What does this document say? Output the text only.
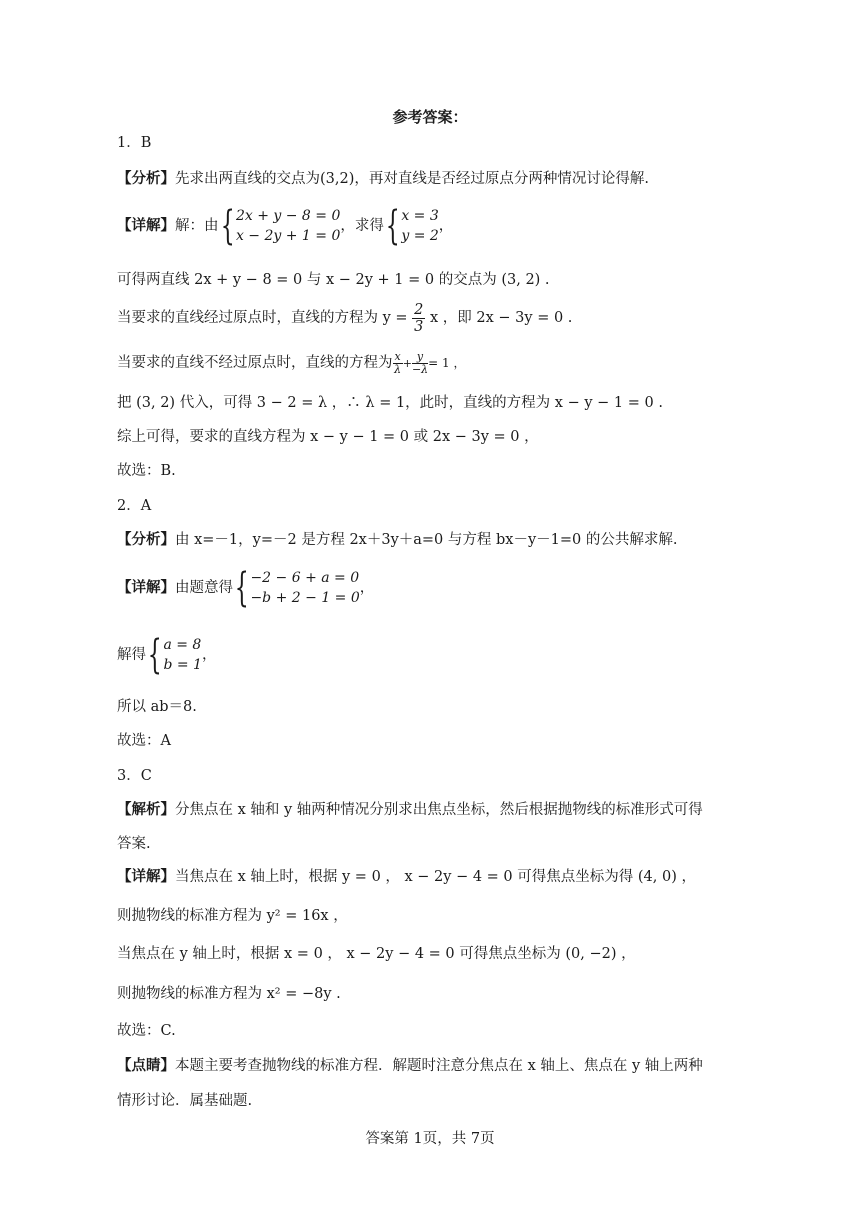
参考答案：
1．B
【分析】先求出两直线的交点为(3,2)，再对直线是否经过原点分两种情况讨论得解.
【详解】解：由{ 2x + y − 8 = 0
x − 2y + 1 = 0
，求得{ x = 3
y = 2
，
可得两直线 2x + y − 8 = 0 与 x − 2y + 1 = 0 的交点为 (3, 2) .
当要求的直线经过原点时，直线的方程为 $y = \frac{2}{3}$ x ，即 2x − 3y = 0 .
当要求的直线不经过原点时，直线的方程为 $\frac{x}{\lambda} + \frac{y}{-\lambda} = 1$ ，
把 (3, 2) 代入，可得 3 − 2 = λ ，∴ λ = 1，此时，直线的方程为 x − y − 1 = 0 .
综上可得，要求的直线方程为 x − y − 1 = 0 或 2x − 3y = 0 ，
故选：B.
2．A
【分析】由 x=－1，y=－2 是方程 2x＋3y＋a=0 与方程 bx－y－1=0 的公共解求解.
【详解】由题意得{ −2 − 6 + a = 0
−b + 2 − 1 = 0
，
解得{ a = 8
b = 1
，
所以 ab＝8.
故选：A
3．C
【解析】分焦点在 x 轴和 y 轴两种情况分别求出焦点坐标，然后根据抛物线的标准形式可得
答案.
【详解】当焦点在 x 轴上时，根据 y = 0 ， x − 2y − 4 = 0 可得焦点坐标为得 (4, 0) ，
则抛物线的标准方程为 y² = 16x ，
当焦点在 y 轴上时，根据 x = 0 ， x − 2y − 4 = 0 可得焦点坐标为 (0, −2) ，
则抛物线的标准方程为 x² = −8y .
故选：C.
【点睛】本题主要考查抛物线的标准方程．解题时注意分焦点在 x 轴上、焦点在 y 轴上两种
情形讨论．属基础题.
答案第 1页，共 7页
